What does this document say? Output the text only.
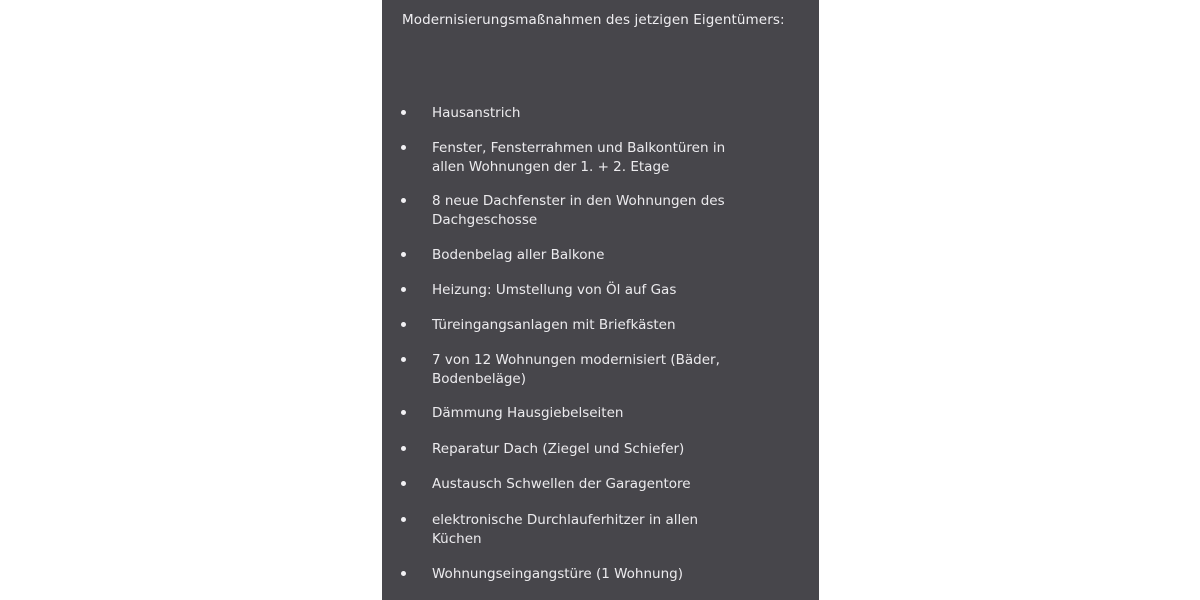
Modernisierungsmaßnahmen des jetzigen Eigentümers:
Hausanstrich
Fenster, Fensterrahmen und Balkontüren in
allen Wohnungen der 1. + 2. Etage
8 neue Dachfenster in den Wohnungen des
Dachgeschosse
Bodenbelag aller Balkone
Heizung: Umstellung von Öl auf Gas
Türeingangsanlagen mit Briefkästen
7 von 12 Wohnungen modernisiert (Bäder,
Bodenbeläge)
Dämmung Hausgiebelseiten
Reparatur Dach (Ziegel und Schiefer)
Austausch Schwellen der Garagentore
elektronische Durchlauferhitzer in allen
Küchen
Wohnungseingangstüre (1 Wohnung)
